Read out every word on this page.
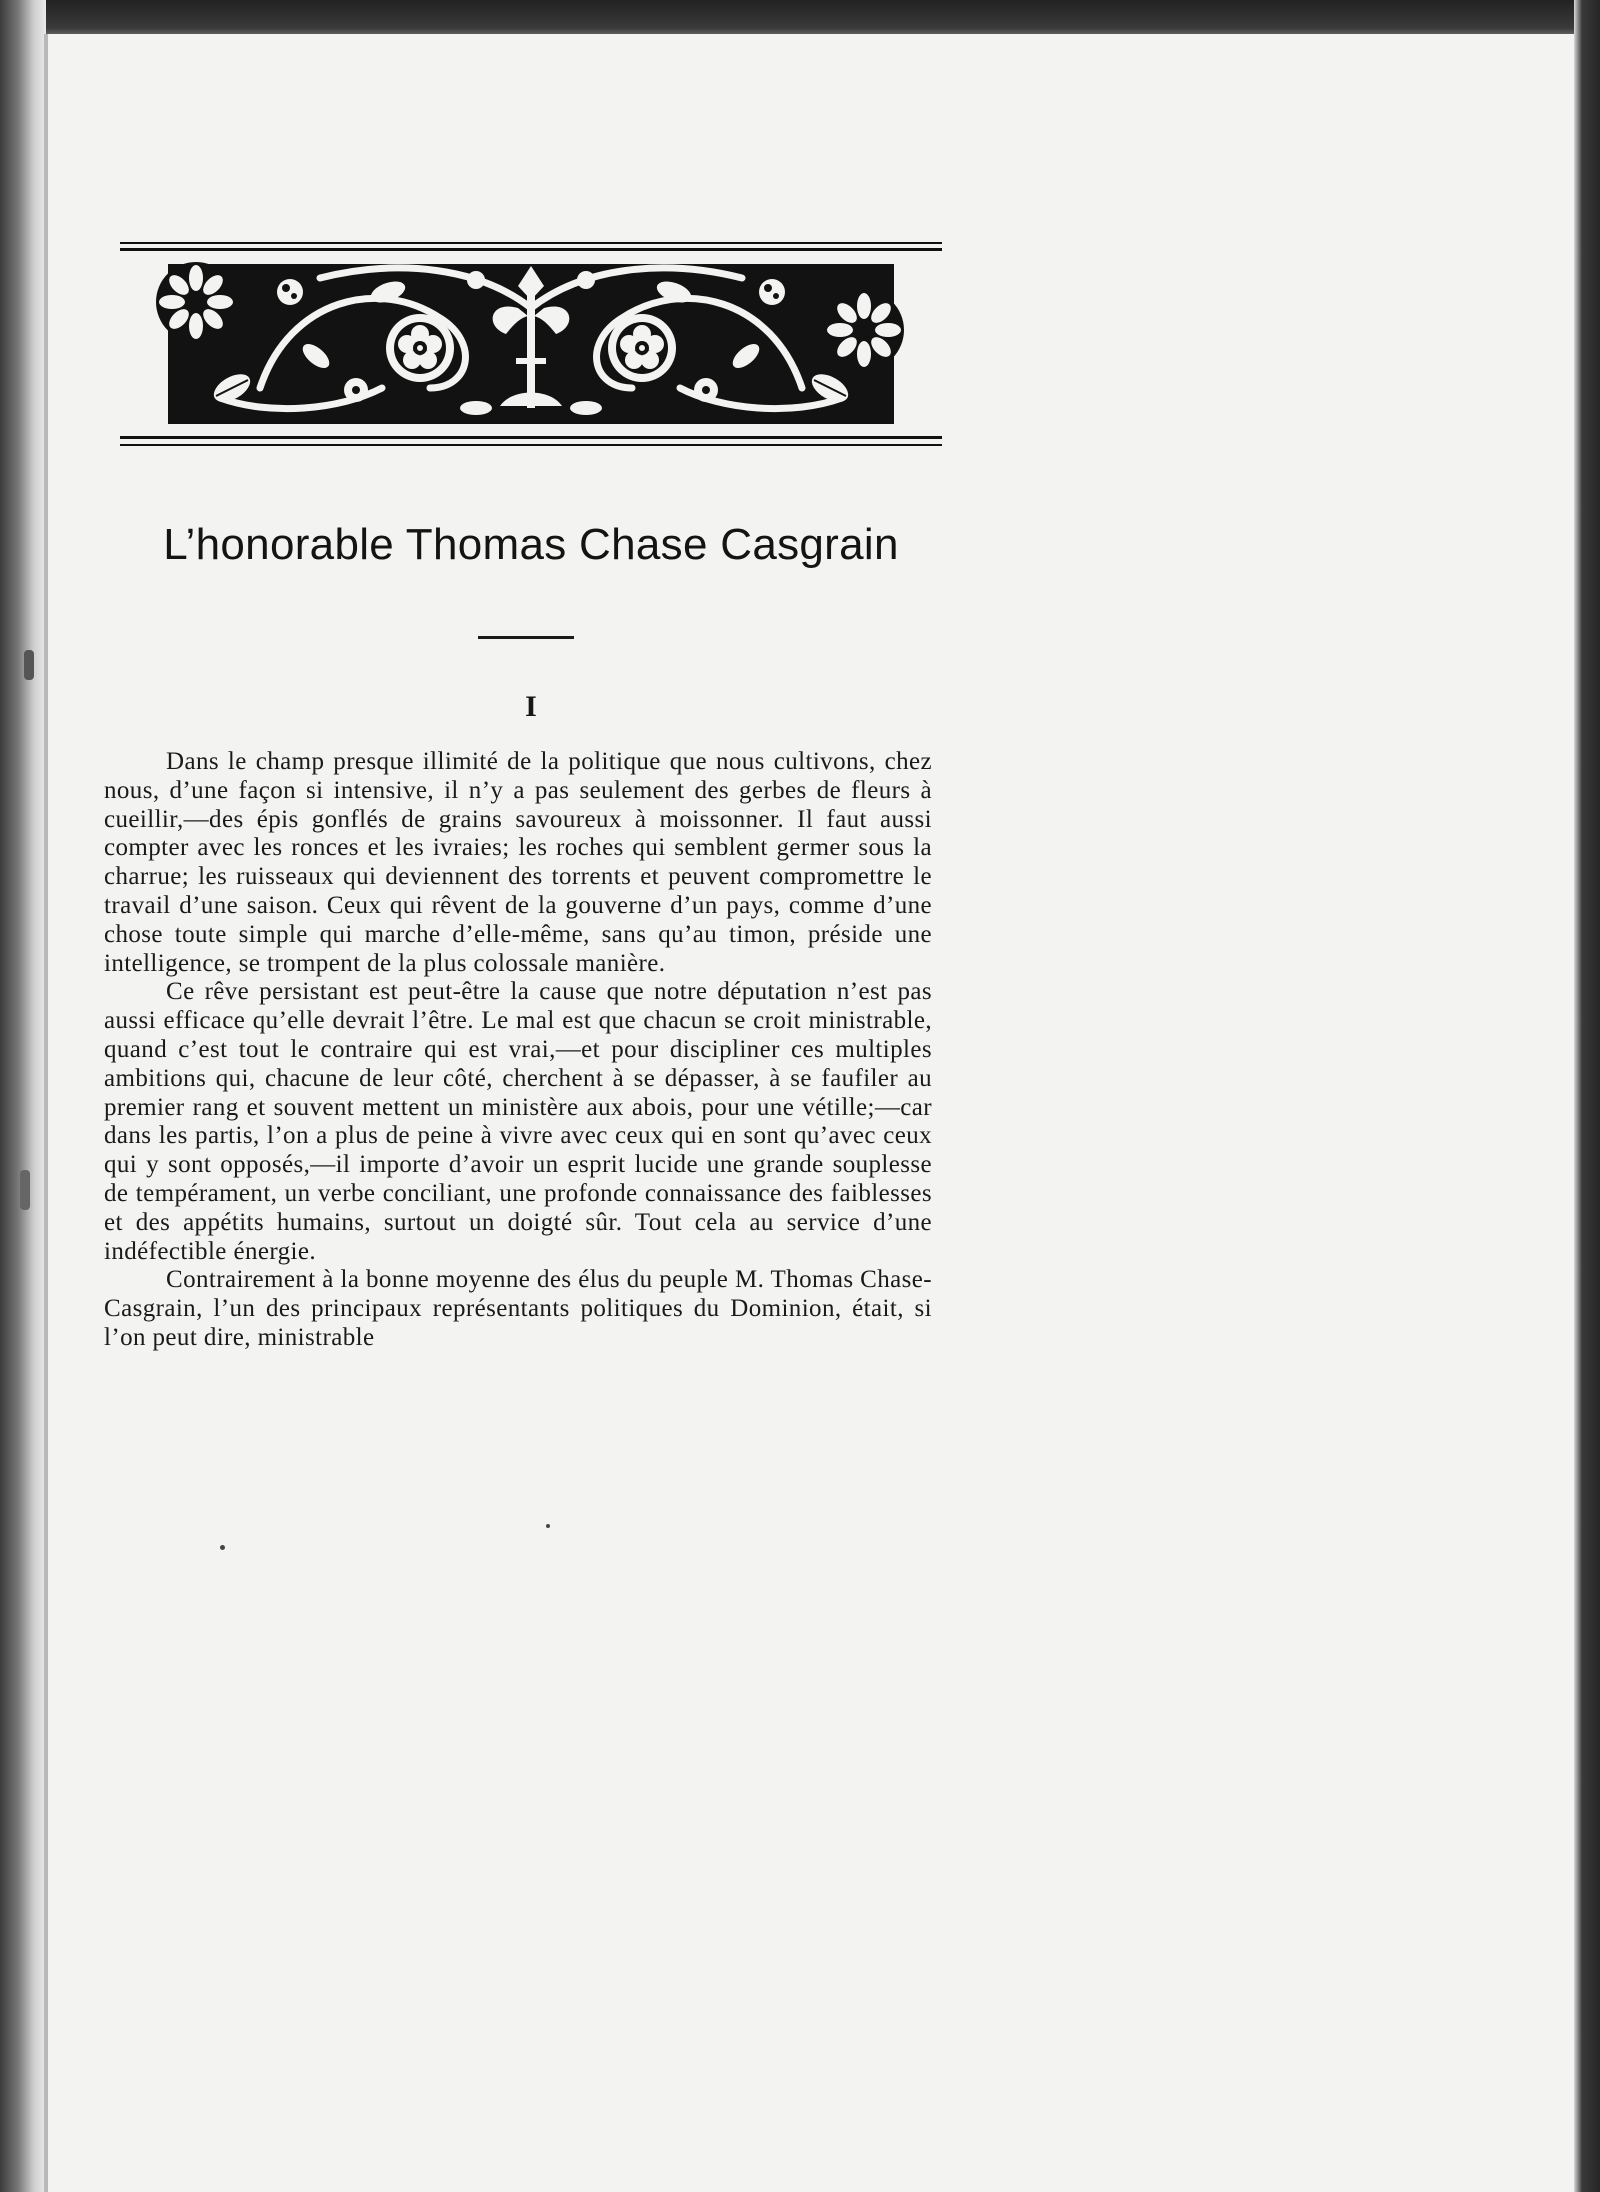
L’honorable Thomas Chase Casgrain
I

Dans le champ presque illimité de la politique que nous cultivons, chez nous, d’une façon si intensive, il n’y a pas seulement des gerbes de fleurs à cueillir,—des épis gonflés de grains savoureux à moissonner. Il faut aussi compter avec les ronces et les ivraies; les roches qui semblent germer sous la charrue; les ruisseaux qui deviennent des torrents et peuvent compromettre le travail d’une saison. Ceux qui rêvent de la gouverne d’un pays, comme d’une chose toute simple qui marche d’elle-même, sans qu’au timon, préside une intelligence, se trompent de la plus colossale manière.

Ce rêve persistant est peut-être la cause que notre députation n’est pas aussi efficace qu’elle devrait l’être. Le mal est que chacun se croit ministrable, quand c’est tout le contraire qui est vrai,—et pour discipliner ces multiples ambitions qui, chacune de leur côté, cherchent à se dépasser, à se faufiler au premier rang et souvent mettent un ministère aux abois, pour une vétille;—car dans les partis, l’on a plus de peine à vivre avec ceux qui en sont qu’avec ceux qui y sont opposés,—il importe d’avoir un esprit lucide une grande souplesse de tempérament, un verbe conciliant, une profonde connaissance des faiblesses et des appétits humains, surtout un doigté sûr. Tout cela au service d’une indéfectible énergie.

Contrairement à la bonne moyenne des élus du peuple M. Thomas Chase-Casgrain, l’un des principaux représentants politiques du Dominion, était, si l’on peut dire, ministrable
